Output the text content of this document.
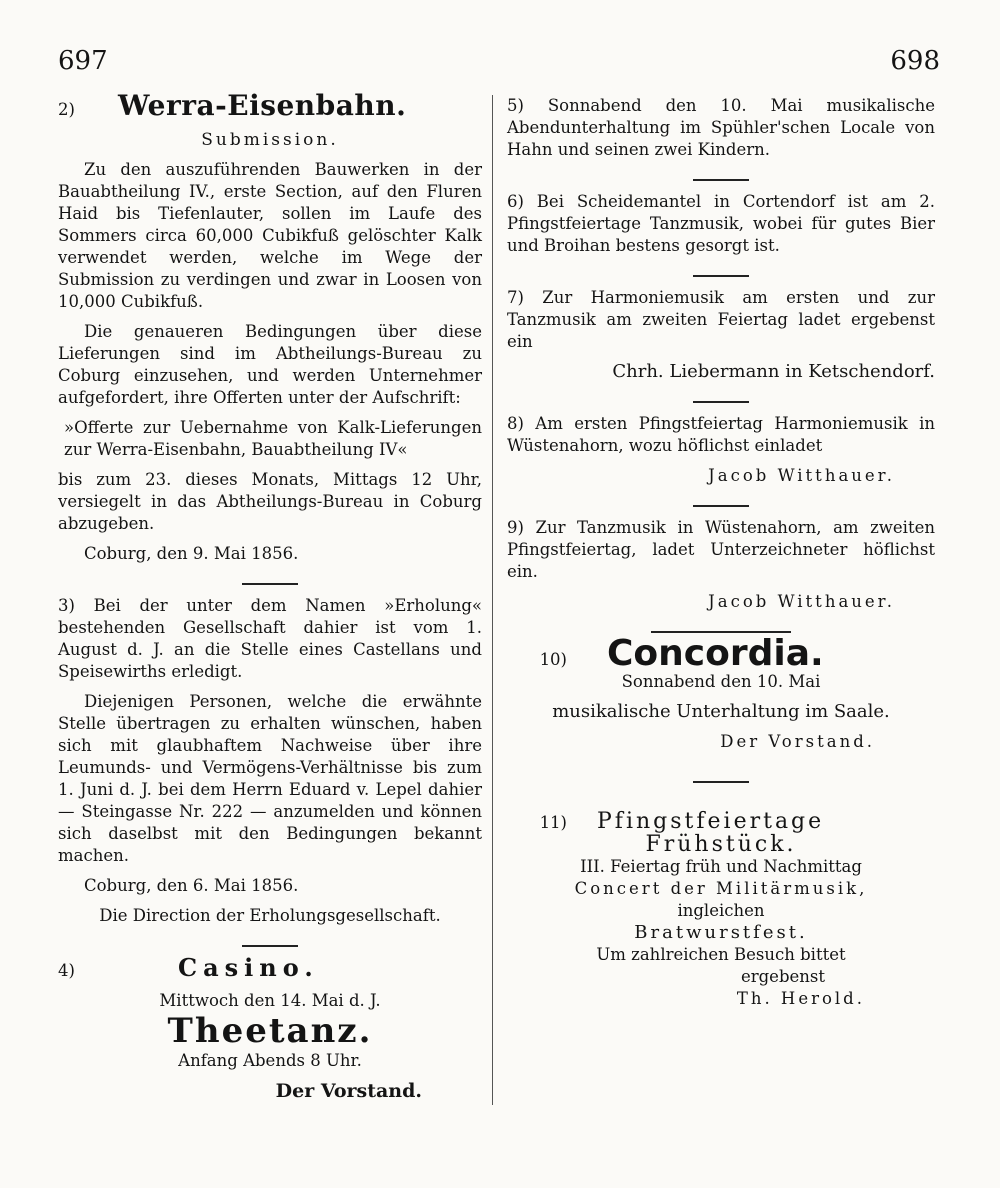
697	698
2)	Werra-Eisenbahn.
Submission.
Zu den auszuführenden Bauwerken in der Bauabtheilung IV., erste Section, auf den Fluren Haid bis Tiefenlauter, sollen im Laufe des Sommers circa 60,000 Cubikfuß gelöschter Kalk verwendet werden, welche im Wege der Submission zu verdingen und zwar in Loosen von 10,000 Cubikfuß.
Die genaueren Bedingungen über diese Lieferungen sind im Abtheilungs-Bureau zu Coburg einzusehen, und werden Unternehmer aufgefordert, ihre Offerten unter der Aufschrift:
»Offerte zur Uebernahme von Kalk-Lieferungen zur Werra-Eisenbahn, Bauabtheilung IV«
bis zum 23. dieses Monats, Mittags 12 Uhr, versiegelt in das Abtheilungs-Bureau in Coburg abzugeben.
Coburg, den 9. Mai 1856.
3) Bei der unter dem Namen »Erholung« bestehenden Gesellschaft dahier ist vom 1. August d. J. an die Stelle eines Castellans und Speisewirths erledigt.
Diejenigen Personen, welche die erwähnte Stelle übertragen zu erhalten wünschen, haben sich mit glaubhaftem Nachweise über ihre Leumunds- und Vermögens-Verhältnisse bis zum 1. Juni d. J. bei dem Herrn Eduard v. Lepel dahier — Steingasse Nr. 222 — anzumelden und können sich daselbst mit den Bedingungen bekannt machen.
Coburg, den 6. Mai 1856.
Die Direction der Erholungsgesellschaft.
4)	Casino.
Mittwoch den 14. Mai d. J.
Theetanz.
Anfang Abends 8 Uhr.
Der Vorstand.
5) Sonnabend den 10. Mai musikalische Abendunterhaltung im Spühler'schen Locale von Hahn und seinen zwei Kindern.
6) Bei Scheidemantel in Cortendorf ist am 2. Pfingstfeiertage Tanzmusik, wobei für gutes Bier und Broihan bestens gesorgt ist.
7) Zur Harmoniemusik am ersten und zur Tanzmusik am zweiten Feiertag ladet ergebenst ein
Chrh. Liebermann in Ketschendorf.
8) Am ersten Pfingstfeiertag Harmoniemusik in Wüstenahorn, wozu höflichst einladet
Jacob Witthauer.
9) Zur Tanzmusik in Wüstenahorn, am zweiten Pfingstfeiertag, ladet Unterzeichneter höflichst ein.
Jacob Witthauer.
10) Concordia.
Sonnabend den 10. Mai
musikalische Unterhaltung im Saale.
Der Vorstand.
11) Pfingstfeiertage
Frühstück.
III. Feiertag früh und Nachmittag
Concert der Militärmusik,
ingleichen
Bratwurstfest.
Um zahlreichen Besuch bittet
ergebenst
Th. Herold.
